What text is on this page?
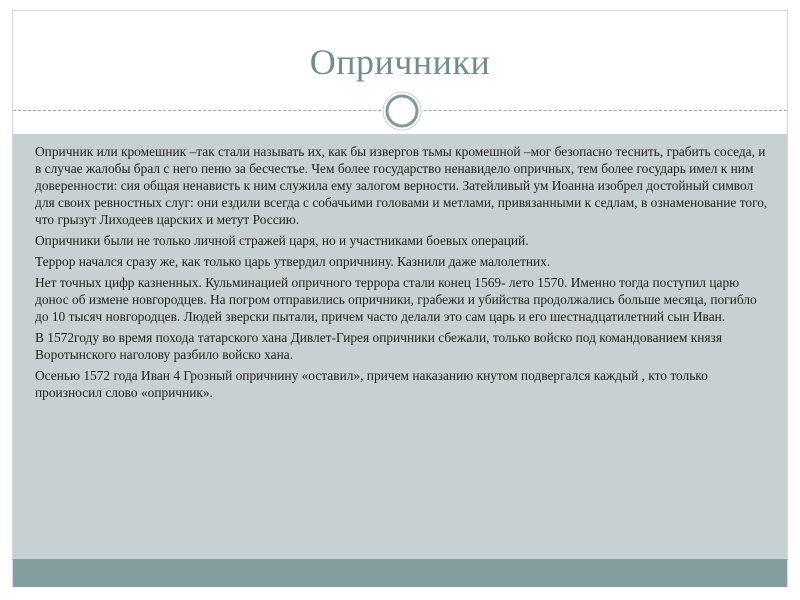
Опричники

Опричник или кромешник –так стали называть их, как бы извергов тьмы кромешной –мог безопасно теснить, грабить соседа, и в случае жалобы брал с него пеню за бесчестье. Чем более государство ненавидело опричных, тем более государь имел к ним доверенности: сия общая ненависть к ним служила ему залогом верности. Затейливый ум Иоанна изобрел достойный символ для своих ревностных слуг: они ездили всегда с собачьими головами и метлами, привязанными к седлам, в ознаменование того, что грызут Лиходеев царских и метут Россию.

Опричники были не только личной стражей царя, но и участниками боевых операций.

Террор начался сразу же, как только царь утвердил опричнину. Казнили даже малолетних.

Нет точных цифр казненных. Кульминацией опричного террора стали конец 1569- лето 1570. Именно тогда поступил царю донос об измене новгородцев. На погром отправились опричники, грабежи и убийства продолжались больше месяца, погибло до 10 тысяч новгородцев. Людей зверски пытали, причем часто делали это сам царь и его шестнадцатилетний сын Иван.

В 1572году во время похода татарского хана Дивлет-Гирея опричники сбежали, только войско под командованием князя Воротынского наголову разбило войско хана.

Осенью 1572 года Иван 4 Грозный опричнину «оставил», причем наказанию кнутом подвергался каждый , кто только произносил слово «опричник».
